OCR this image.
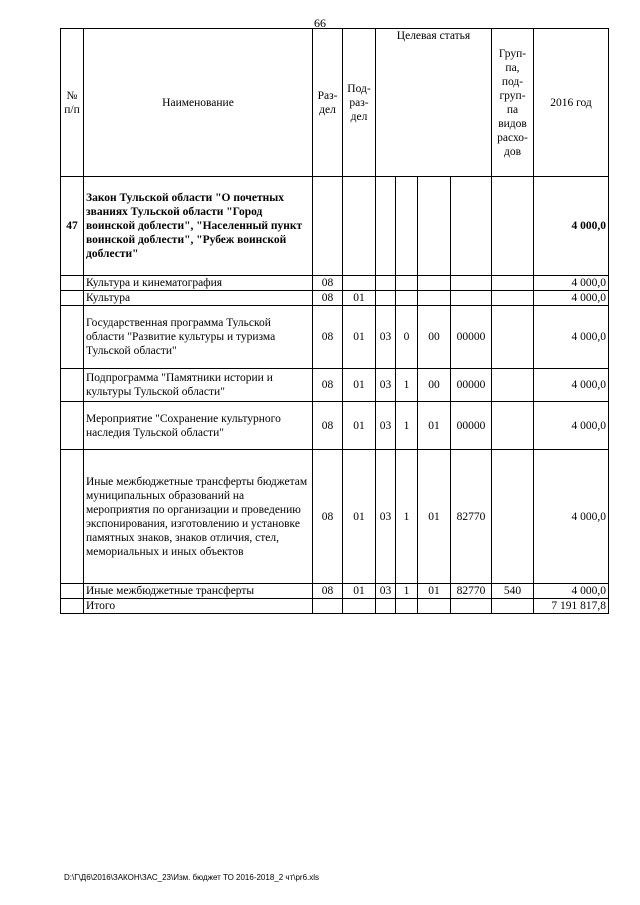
66
№ п/п	Наименование	Раз-дел	Под-раз-дел	Целевая статья				Груп-па, под-груп-па видов расхо-дов	2016 год
47	Закон Тульской области "О почетных званиях Тульской области "Город воинской доблести", "Населенный пункт воинской доблести", "Рубеж воинской доблести"								4 000,0
	Культура и кинематография	08							4 000,0
	Культура	08	01						4 000,0
	Государственная программа Тульской области "Развитие культуры и туризма Тульской области"	08	01	03	0	00	00000		4 000,0
	Подпрограмма "Памятники истории и культуры Тульской области"	08	01	03	1	00	00000		4 000,0
	Мероприятие "Сохранение культурного наследия Тульской области"	08	01	03	1	01	00000		4 000,0
	Иные межбюджетные трансферты бюджетам муниципальных образований на мероприятия по организации и проведению экспонирования, изготовлению и установке памятных знаков, знаков отличия, стел, мемориальных и иных объектов	08	01	03	1	01	82770		4 000,0
	Иные межбюджетные трансферты	08	01	03	1	01	82770	540	4 000,0
	Итого								7 191 817,8
D:\Г\Д6\2016\ЗАКОН\ЗАС_23\Изм. бюджет ТО 2016-2018_2 чт\pr6.xls
